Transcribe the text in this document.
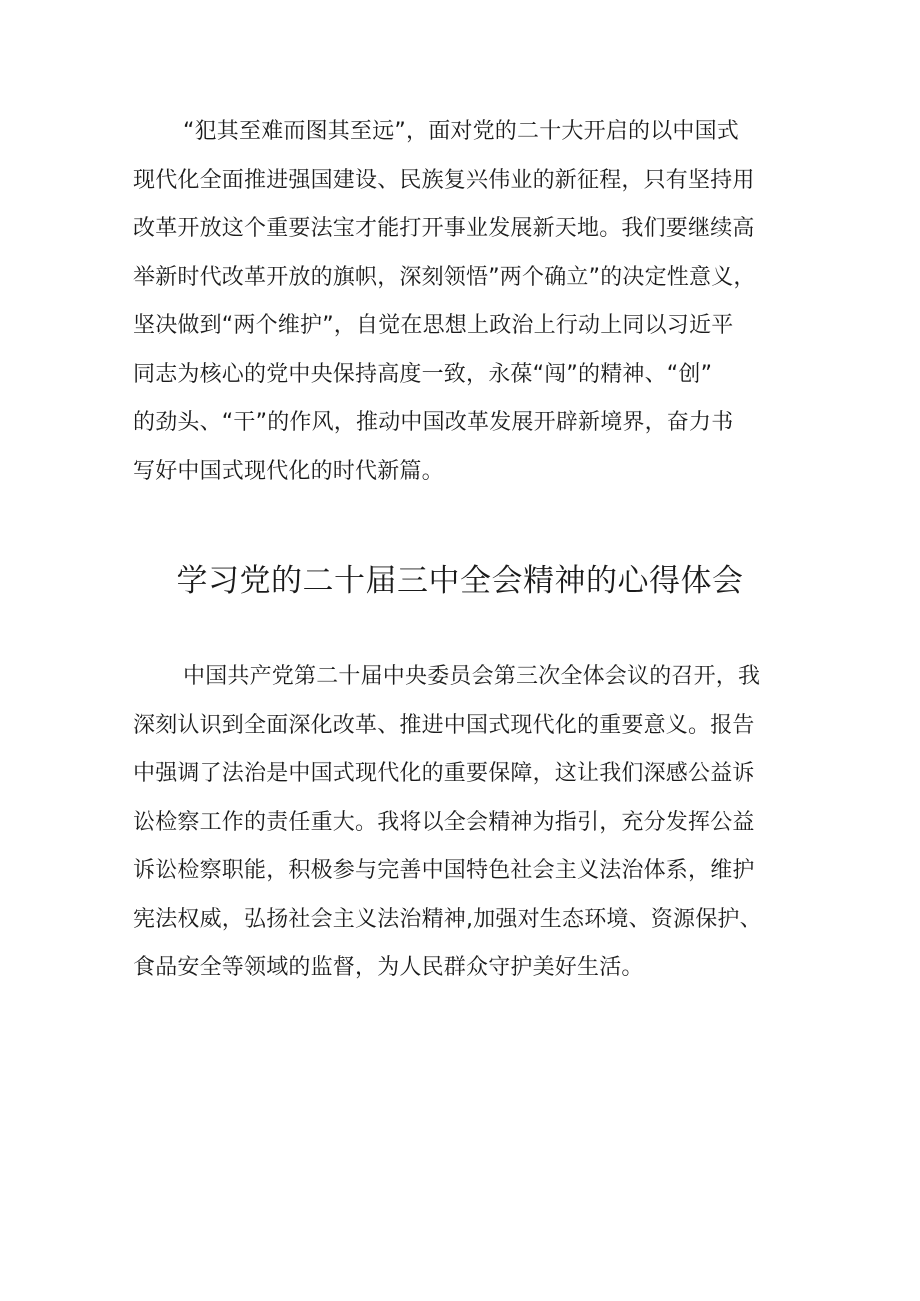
“犯其至难而图其至远”，面对党的二十大开启的以中国式
现代化全面推进强国建设、民族复兴伟业的新征程，只有坚持用
改革开放这个重要法宝才能打开事业发展新天地。我们要继续高
举新时代改革开放的旗帜，深刻领悟”两个确立”的决定性意义，
坚决做到“两个维护”，自觉在思想上政治上行动上同以习近平
同志为核心的党中央保持高度一致，永葆“闯”的精神、“创”
的劲头、“干”的作风，推动中国改革发展开辟新境界，奋力书
写好中国式现代化的时代新篇。

学习党的二十届三中全会精神的心得体会

中国共产党第二十届中央委员会第三次全体会议的召开，我
深刻认识到全面深化改革、推进中国式现代化的重要意义。报告
中强调了法治是中国式现代化的重要保障，这让我们深感公益诉
讼检察工作的责任重大。我将以全会精神为指引，充分发挥公益
诉讼检察职能，积极参与完善中国特色社会主义法治体系，维护
宪法权威，弘扬社会主义法治精神,加强对生态环境、资源保护、
食品安全等领域的监督，为人民群众守护美好生活。
